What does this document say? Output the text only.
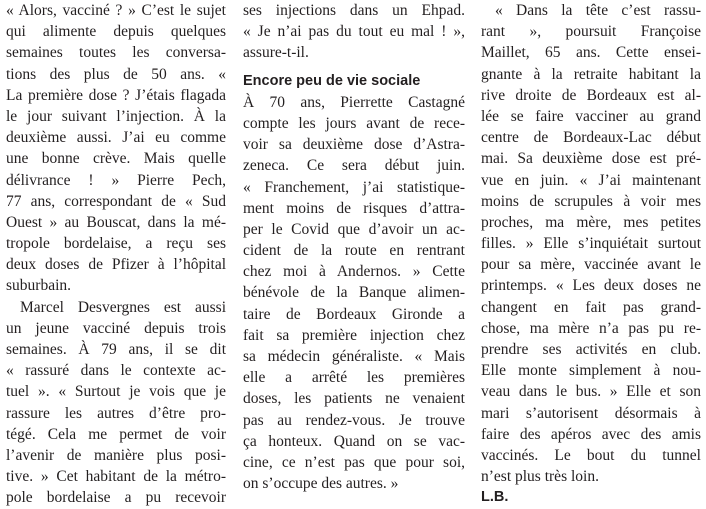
« Alors, vacciné ? » C’est le sujet
qui alimente depuis quelques
semaines toutes les conversa-
tions des plus de 50 ans. «
La première dose ? J’étais flagada
le jour suivant l’injection. À la
deuxième aussi. J’ai eu comme
une bonne crève. Mais quelle
délivrance ! » Pierre Pech,
77 ans, correspondant de « Sud
Ouest » au Bouscat, dans la mé-
tropole bordelaise, a reçu ses
deux doses de Pfizer à l’hôpital
suburbain.
Marcel Desvergnes est aussi
un jeune vacciné depuis trois
semaines. À 79 ans, il se dit
« rassuré dans le contexte ac-
tuel ». « Surtout je vois que je
rassure les autres d’être pro-
tégé. Cela me permet de voir
l’avenir de manière plus posi-
tive. » Cet habitant de la métro-
pole bordelaise a pu recevoir
ses injections dans un Ehpad.
« Je n’ai pas du tout eu mal ! »,
assure-t-il.
Encore peu de vie sociale
À 70 ans, Pierrette Castagné
compte les jours avant de rece-
voir sa deuxième dose d’Astra-
zeneca. Ce sera début juin.
« Franchement, j’ai statistique-
ment moins de risques d’attra-
per le Covid que d’avoir un ac-
cident de la route en rentrant
chez moi à Andernos. » Cette
bénévole de la Banque alimen-
taire de Bordeaux Gironde a
fait sa première injection chez
sa médecin généraliste. « Mais
elle a arrêté les premières
doses, les patients ne venaient
pas au rendez-vous. Je trouve
ça honteux. Quand on se vac-
cine, ce n’est pas que pour soi,
on s’occupe des autres. »
« Dans la tête c’est rassu-
rant », poursuit Françoise
Maillet, 65 ans. Cette ensei-
gnante à la retraite habitant la
rive droite de Bordeaux est al-
lée se faire vacciner au grand
centre de Bordeaux-Lac début
mai. Sa deuxième dose est pré-
vue en juin. « J’ai maintenant
moins de scrupules à voir mes
proches, ma mère, mes petites
filles. » Elle s’inquiétait surtout
pour sa mère, vaccinée avant le
printemps. « Les deux doses ne
changent en fait pas grand-
chose, ma mère n’a pas pu re-
prendre ses activités en club.
Elle monte simplement à nou-
veau dans le bus. » Elle et son
mari s’autorisent désormais à
faire des apéros avec des amis
vaccinés. Le bout du tunnel
n’est plus très loin.
L.B.
